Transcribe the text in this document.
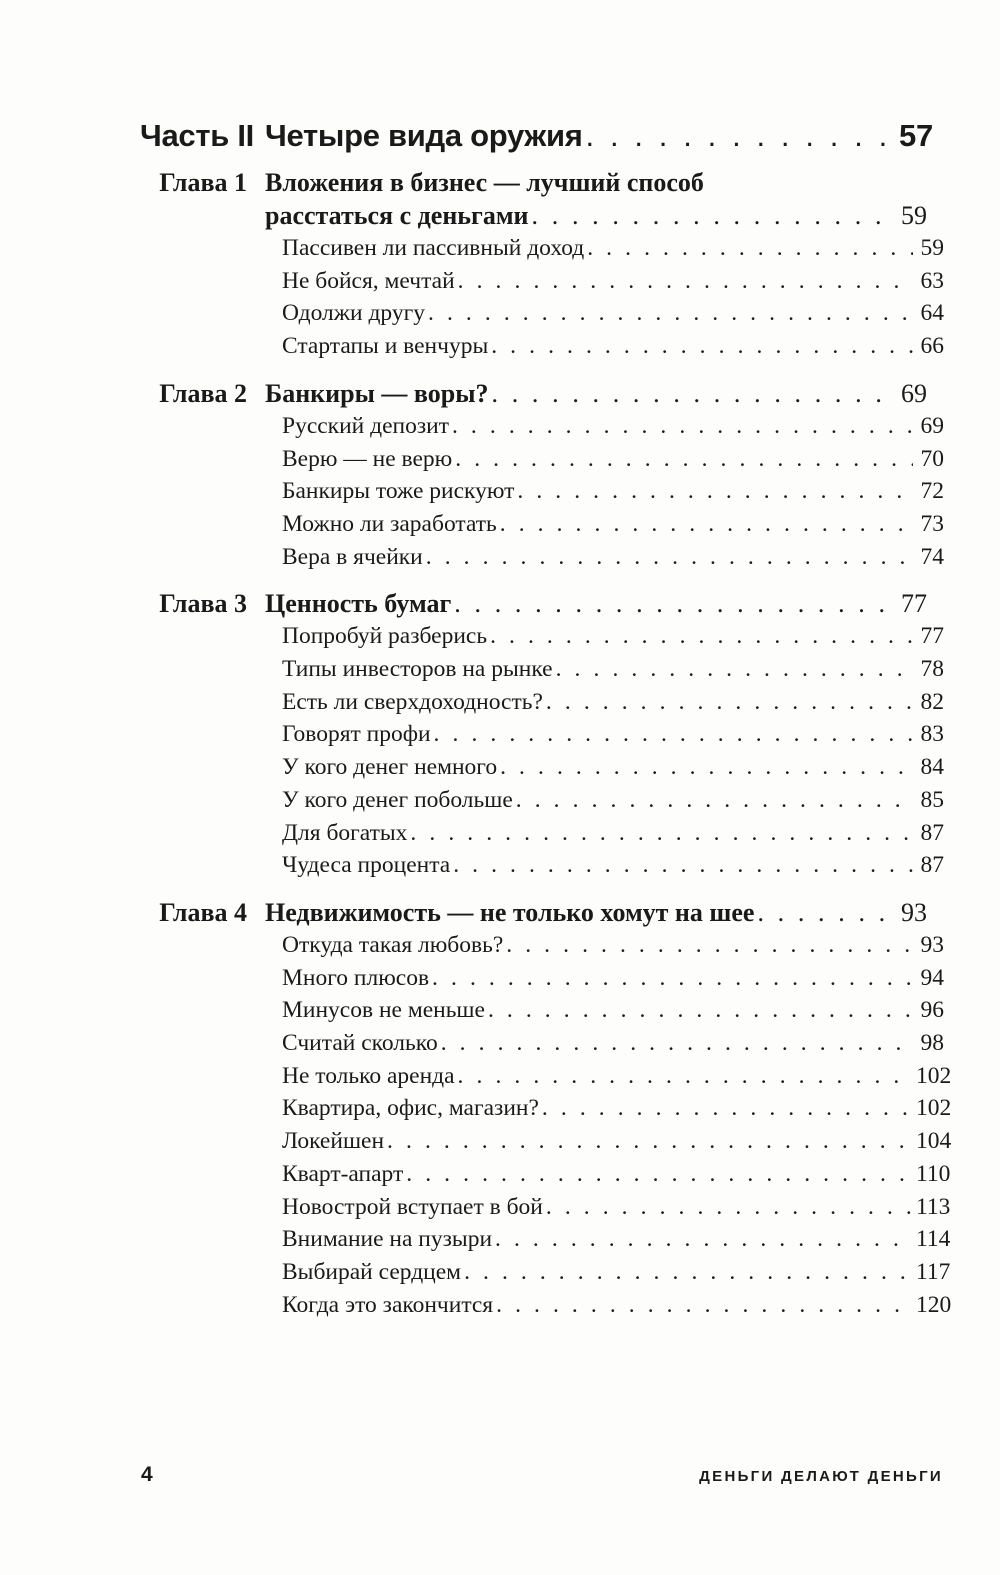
Часть II Четыре вида оружия . . .	57
Глава 1 Вложения в бизнес — лучший способ
расстаться с деньгами . . .	59
Пассивен ли пассивный доход . . .	59
Не бойся, мечтай . . .	63
Одолжи другу . . .	64
Стартапы и венчуры . . .	66
Глава 2 Банкиры — воры? . . .	69
Русский депозит . . .	69
Верю — не верю . . .	70
Банкиры тоже рискуют . . .	72
Можно ли заработать . . .	73
Вера в ячейки . . .	74
Глава 3 Ценность бумаг . . .	77
Попробуй разберись . . .	77
Типы инвесторов на рынке . . .	78
Есть ли сверхдоходность? . . .	82
Говорят профи . . .	83
У кого денег немного . . .	84
У кого денег побольше . . .	85
Для богатых . . .	87
Чудеса процента . . .	87
Глава 4 Недвижимость — не только хомут на шее . . .	93
Откуда такая любовь? . . .	93
Много плюсов . . .	94
Минусов не меньше . . .	96
Считай сколько . . .	98
Не только аренда . . .	102
Квартира, офис, магазин? . . .	102
Локейшен . . .	104
Кварт-апарт . . .	110
Новострой вступает в бой . . .	113
Внимание на пузыри . . .	114
Выбирай сердцем . . .	117
Когда это закончится . . .	120
4	ДЕНЬГИ ДЕЛАЮТ ДЕНЬГИ
